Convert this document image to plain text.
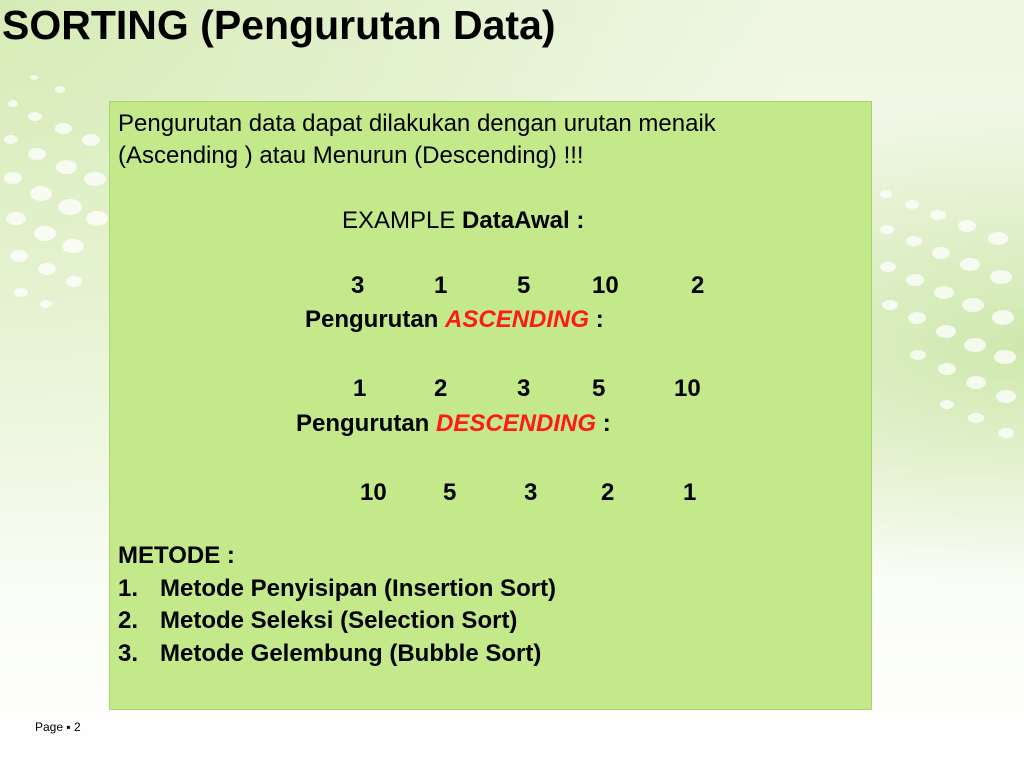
SORTING (Pengurutan Data)

Pengurutan data dapat dilakukan dengan urutan menaik

(Ascending ) atau Menurun (Descending) !!!

EXAMPLE DataAwal :

3	1	5	10	2

Pengurutan ASCENDING :

1	2	3	5	10

Pengurutan DESCENDING :

10 5	3	2	1

METODE :

1. Metode Penyisipan (Insertion Sort)
2. Metode Seleksi (Selection Sort)
3. Metode Gelembung (Bubble Sort)
Page ▪ 2
